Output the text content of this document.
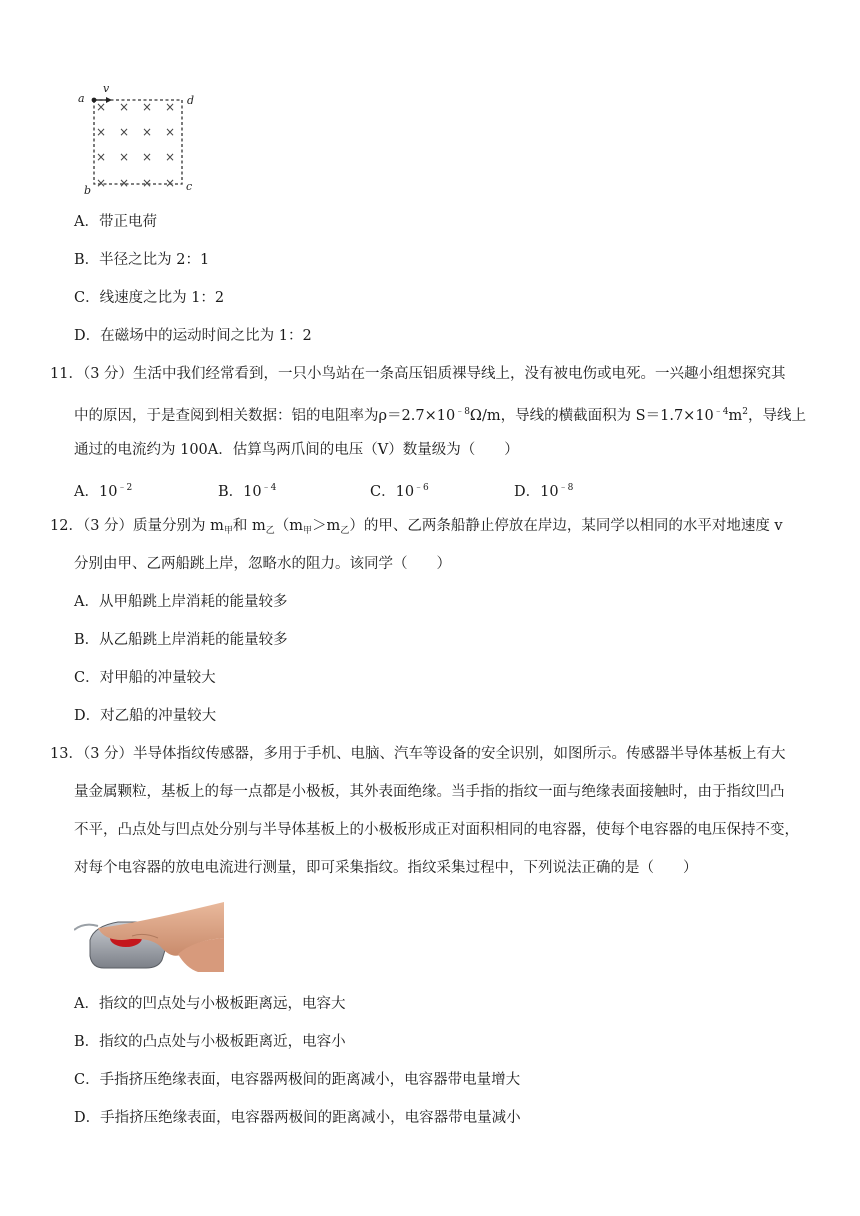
v
a	d
b	c
× × × ×
× × × ×
× × × ×
× × × ×
A．带正电荷
B．半径之比为 2：1
C．线速度之比为 1：2
D．在磁场中的运动时间之比为 1：2
11．（3 分）生活中我们经常看到，一只小鸟站在一条高压铝质裸导线上，没有被电伤或电死。一兴趣小组想探究其
中的原因，于是查阅到相关数据：铝的电阻率为$\rho=2.7\times 10^{﹣8}\Omega/m$，导线的横截面积为 $S=1.7\times 10^{﹣4}m^2$，导线上
通过的电流约为 100A．估算鸟两爪间的电压（V）数量级为（　　）
A．$10^{﹣2}$	B．$10^{﹣4}$	C．$10^{﹣6}$	D．$10^{﹣8}$
12．（3 分）质量分别为 $m_甲$和 $m_乙(m_甲>m_乙)$的甲、乙两条船静止停放在岸边，某同学以相同的水平对地速度 v
分别由甲、乙两船跳上岸，忽略水的阻力。该同学（　　）
A．从甲船跳上岸消耗的能量较多
B．从乙船跳上岸消耗的能量较多
C．对甲船的冲量较大
D．对乙船的冲量较大
13．（3 分）半导体指纹传感器，多用于手机、电脑、汽车等设备的安全识别，如图所示。传感器半导体基板上有大
量金属颗粒，基板上的每一点都是小极板，其外表面绝缘。当手指的指纹一面与绝缘表面接触时，由于指纹凹凸
不平，凸点处与凹点处分别与半导体基板上的小极板形成正对面积相同的电容器，使每个电容器的电压保持不变，
对每个电容器的放电电流进行测量，即可采集指纹。指纹采集过程中，下列说法正确的是（　　）
A．指纹的凹点处与小极板距离远，电容大
B．指纹的凸点处与小极板距离近，电容小
C．手指挤压绝缘表面，电容器两极间的距离减小，电容器带电量增大
D．手指挤压绝缘表面，电容器两极间的距离减小，电容器带电量减小
